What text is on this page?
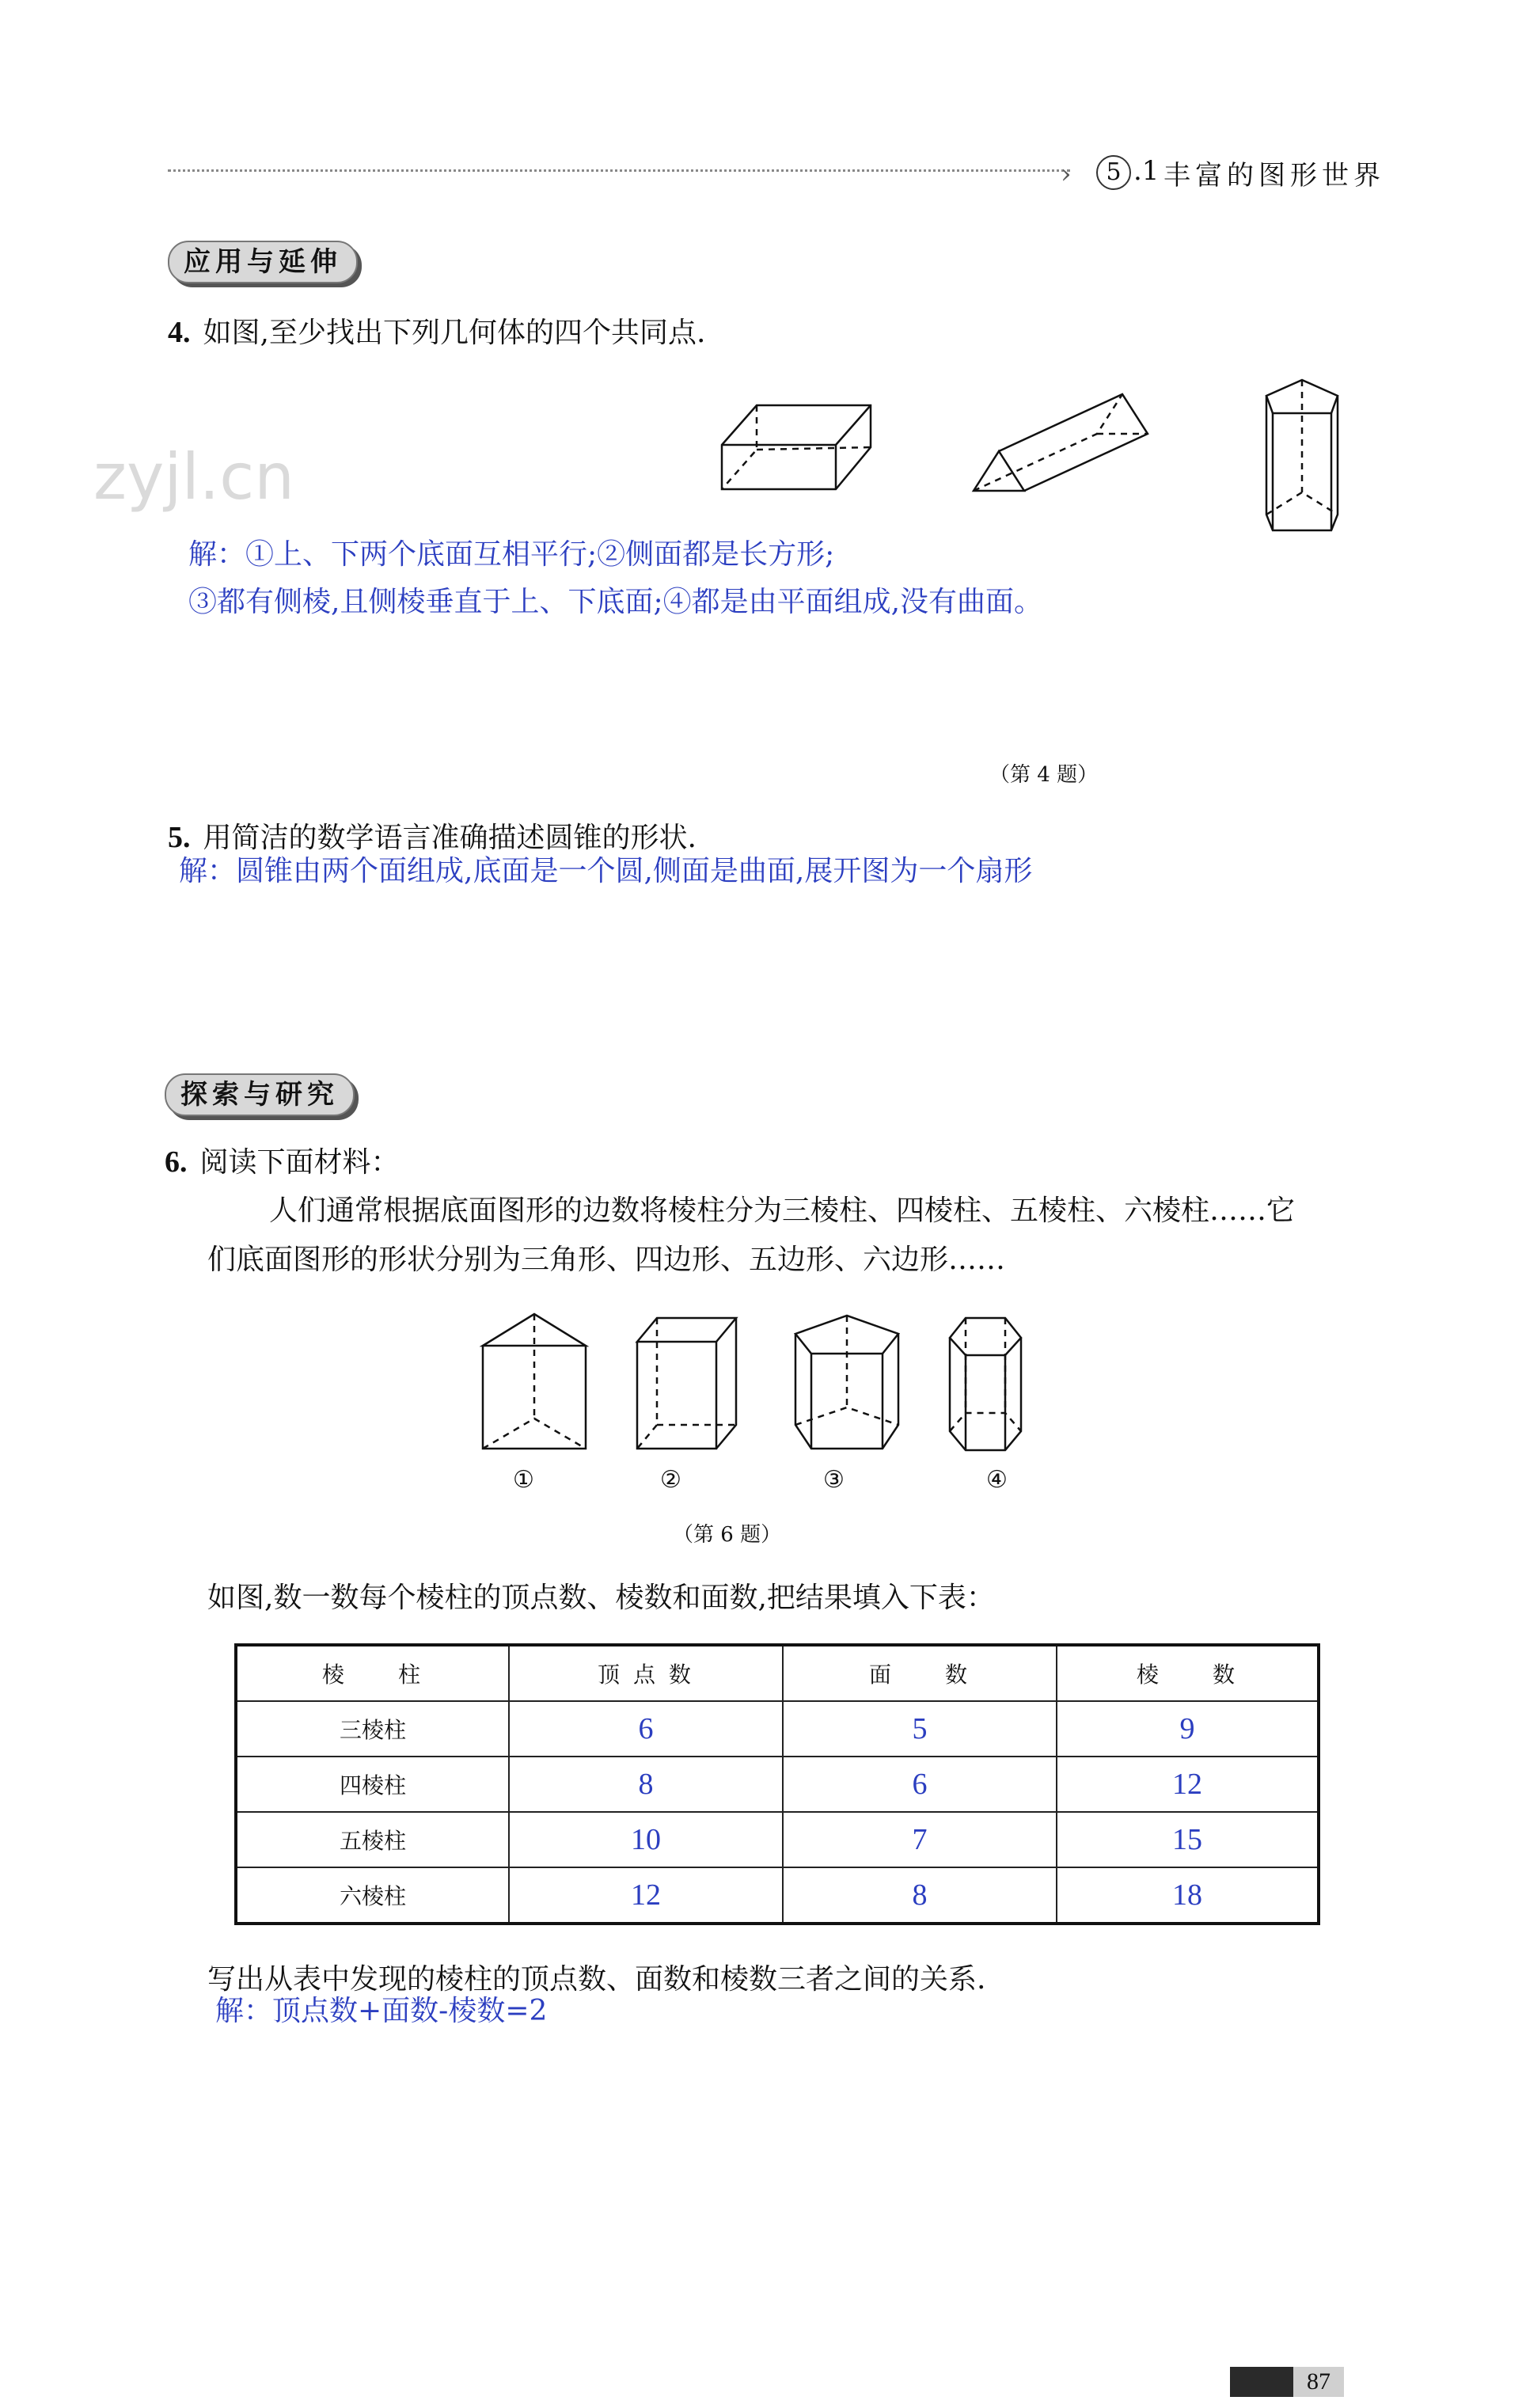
›	5 .1 丰富的图形世界
zyjl.cn
应用与延伸
4. 如图,至少找出下列几何体的四个共同点.
解：①上、下两个底面互相平行;②侧面都是长方形;
③都有侧棱,且侧棱垂直于上、下底面;④都是由平面组成,没有曲面。
（第 4 题）
5. 用简洁的数学语言准确描述圆锥的形状.
解：圆锥由两个面组成,底面是一个圆,侧面是曲面,展开图为一个扇形
探索与研究
6. 阅读下面材料：
人们通常根据底面图形的边数将棱柱分为三棱柱、四棱柱、五棱柱、六棱柱……它
们底面图形的形状分别为三角形、四边形、五边形、六边形……
①	②	③	④
（第 6 题）
如图,数一数每个棱柱的顶点数、棱数和面数,把结果填入下表：
棱　　柱	顶 点 数	面　　数	棱　　数
三棱柱	6	5	9
四棱柱	8	6	12
五棱柱	10	7	15
六棱柱	12	8	18
写出从表中发现的棱柱的顶点数、面数和棱数三者之间的关系.
解：顶点数+面数-棱数=2
87
